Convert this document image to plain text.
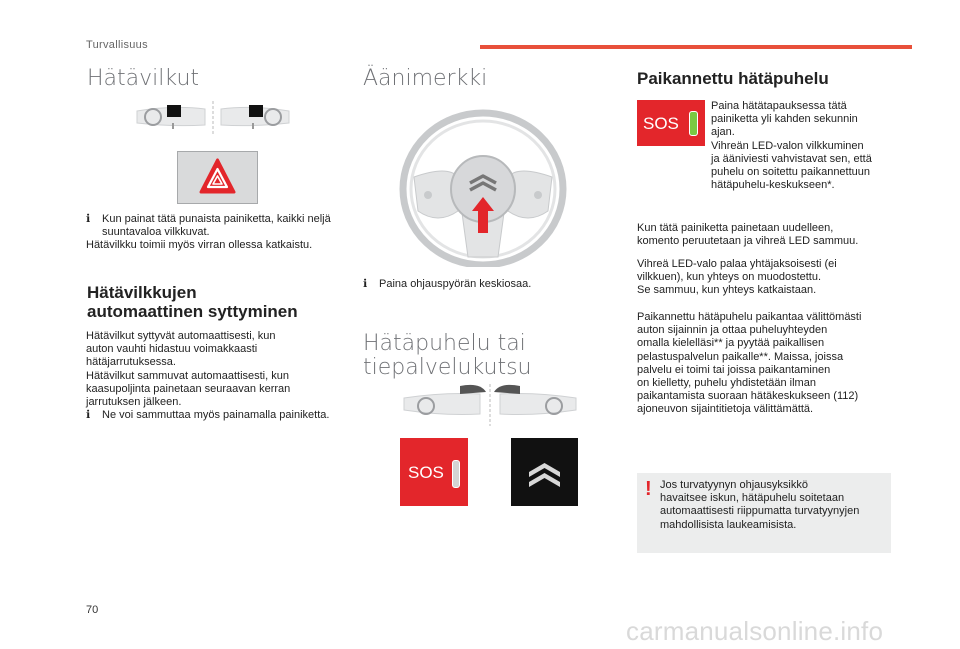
Turvallisuus
Hätävilkut
ℹ	Kun painat tätä punaista painiketta, kaikki neljä suuntavaloa vilkkuvat.

Hätävilkku toimii myös virran ollessa katkaistu.

Hätävilkkujen
automaattinen syttyminen

Hätävilkut syttyvät automaattisesti, kun

auton vauhti hidastuu voimakkaasti

hätäjarrutuksessa.

Hätävilkut sammuvat automaattisesti, kun

kaasupoljinta painetaan seuraavan kerran

jarrutuksen jälkeen.

ℹ	Ne voi sammuttaa myös painamalla painiketta.
Äänimerkki
ℹ	Paina ohjauspyörän keskiosaa.
Hätäpuhelu tai
tiepalvelukutsu
SOS
Paikannettu hätäpuhelu
SOS

Paina hätätapauksessa tätä

painiketta yli kahden sekunnin

ajan.

Vihreän LED-valon vilkkuminen

ja ääniviesti vahvistavat sen, että

puhelu on soitettu paikannettuun

hätäpuhelu-keskukseen*.

Kun tätä painiketta painetaan uudelleen,

komento peruutetaan ja vihreä LED sammuu.

Vihreä LED-valo palaa yhtäjaksoisesti (ei

vilkkuen), kun yhteys on muodostettu.

Se sammuu, kun yhteys katkaistaan.

Paikannettu hätäpuhelu paikantaa välittömästi

auton sijainnin ja ottaa puheluyhteyden

omalla kielelläsi** ja pyytää paikallisen

pelastuspalvelun paikalle**. Maissa, joissa

palvelu ei toimi tai joissa paikantaminen

on kielletty, puhelu yhdistetään ilman

paikantamista suoraan hätäkeskukseen (112)

ajoneuvon sijaintitietoja välittämättä.

! Jos turvatyynyn ohjausyksikkö

havaitsee iskun, hätäpuhelu soitetaan

automaattisesti riippumatta turvatyynyjen

mahdollisista laukeamisista.

70
carmanualsonline.info
